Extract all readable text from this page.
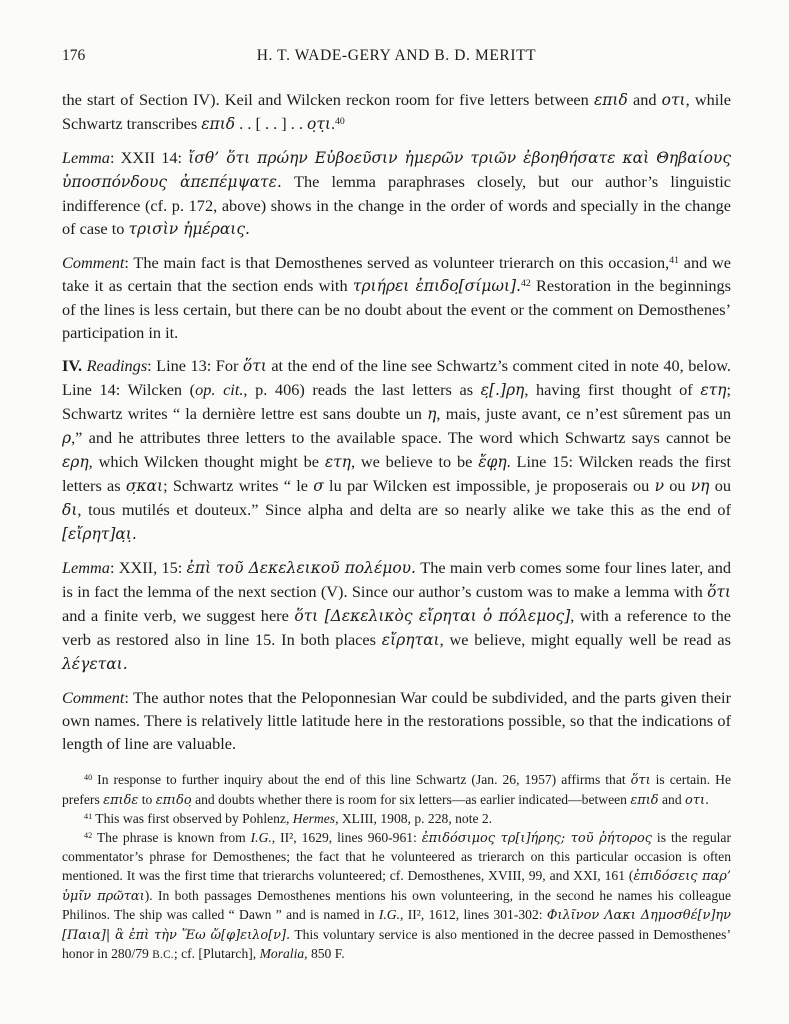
176	H. T. WADE-GERY AND B. D. MERITT

the start of Section IV). Keil and Wilcken reckon room for five letters between επιδ and οτι, while Schwartz transcribes επιδ . . [ . . ] . . ο̣τ̣ι.$^{40}$

Lemma: XXII 14: ἴσθ’ ὅτι πρώην Εὐβοεῦσιν ἡμερῶν τριῶν ἐβοηθήσατε καὶ Θηβαίους ὑποσπόνδους ἀπεπέμψατε. The lemma paraphrases closely, but our author’s linguistic indifference (cf. p. 172, above) shows in the change in the order of words and specially in the change of case to τρισὶν ἡμέραις.

Comment: The main fact is that Demosthenes served as volunteer trierarch on this occasion,$^{41}$ and we take it as certain that the section ends with τριήρει ἐπιδο̣[σίμωι].$^{42}$ Restoration in the beginnings of the lines is less certain, but there can be no doubt about the event or the comment on Demosthenes’ participation in it.

IV. Readings: Line 13: For ὅτι at the end of the line see Schwartz’s comment cited in note 40, below. Line 14: Wilcken (op. cit., p. 406) reads the last letters as ε̣[.]ρη, having first thought of ετη; Schwartz writes “ la dernière lettre est sans doubte un η̣, mais, juste avant, ce n’est sûrement pas un ρ,” and he attributes three letters to the available space. The word which Schwartz says cannot be ερη, which Wilcken thought might be ετη, we believe to be ἔφ̣η. Line 15: Wilcken reads the first letters as σ̣και; Schwartz writes “ le σ lu par Wilcken est impossible, je proposerais ou ν ou νη ou δι, tous mutilés et douteux.” Since alpha and delta are so nearly alike we take this as the end of [εἴρητ]α̣ι̣.

Lemma: XXII, 15: ἐπὶ τοῦ Δεκελεικοῦ πολέμου. The main verb comes some four lines later, and is in fact the lemma of the next section (V). Since our author’s custom was to make a lemma with ὅτι and a finite verb, we suggest here ὅτι [Δεκελικὸς εἴρηται ὁ πόλεμος], with a reference to the verb as restored also in line 15. In both places εἴρηται, we believe, might equally well be read as λέγεται.

Comment: The author notes that the Peloponnesian War could be subdivided, and the parts given their own names. There is relatively little latitude here in the restorations possible, so that the indications of length of line are valuable.

$^{40}$ In response to further inquiry about the end of this line Schwartz (Jan. 26, 1957) affirms that ὅτι is certain. He prefers επιδε to επιδο̣ and doubts whether there is room for six letters—as earlier indicated—between επιδ and οτι.

$^{41}$ This was first observed by Pohlenz, Hermes, XLIII, 1908, p. 228, note 2.

$^{42}$ The phrase is known from I.G., II², 1629, lines 960-961: ἐπιδόσιμος τρ[ι]ήρης; τοῦ ῥήτορος is the regular commentator’s phrase for Demosthenes; the fact that he volunteered as trierarch on this particular occasion is often mentioned. It was the first time that trierarchs volunteered; cf. Demosthenes, XVIII, 99, and XXI, 161 (ἐπιδόσεις παρ’ ὑμῖν πρῶται). In both passages Demosthenes mentions his own volunteering, in the second he names his colleague Philinos. The ship was called “ Dawn ” and is named in I.G., II², 1612, lines 301-302: Φιλῖνον Λακι Δημοσθέ[ν]ην [Παια]| ἃ ἐπὶ τὴν Ἕω ὤ[φ]ειλο[ν]. This voluntary service is also mentioned in the decree passed in Demosthenes’ honor in 280/79 B.C.; cf. [Plutarch], Moralia, 850 F.
